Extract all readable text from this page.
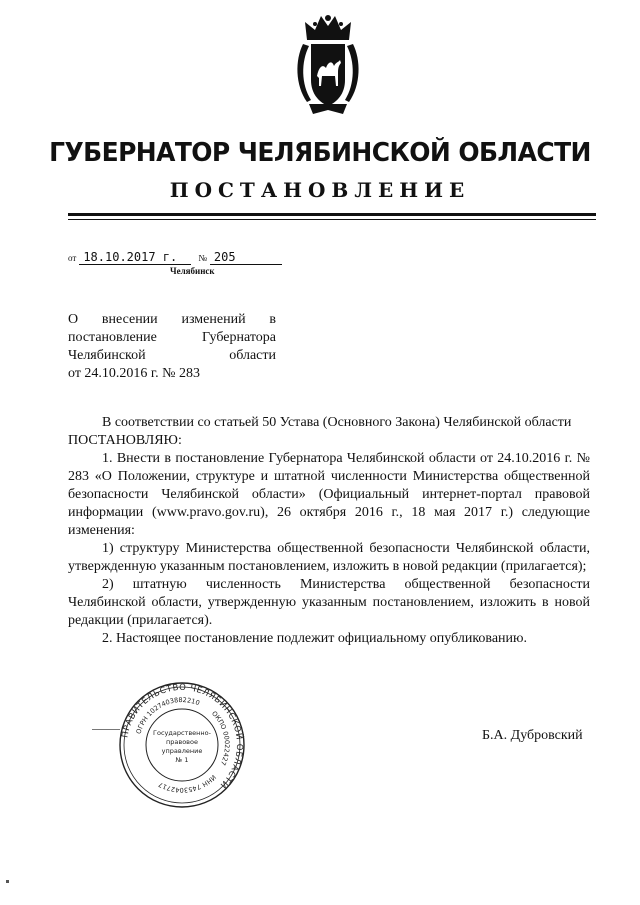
ГУБЕРНАТОР ЧЕЛЯБИНСКОЙ ОБЛАСТИ
ПОСТАНОВЛЕНИЕ
от 18.10.2017 г. № 205
Челябинск
О внесении изменений в
постановление Губернатора
Челябинской области
от 24.10.2016 г. № 283

В соответствии со статьей 50 Устава (Основного Закона) Челябинской области

ПОСТАНОВЛЯЮ:

1. Внести в постановление Губернатора Челябинской области от 24.10.2016 г. № 283 «О Положении, структуре и штатной численности Министерства общественной безопасности Челябинской области» (Официальный интернет-портал правовой информации (www.pravo.gov.ru), 26 октября 2016 г., 18 мая 2017 г.) следующие изменения:

1) структуру Министерства общественной безопасности Челябинской области, утвержденную указанным постановлением, изложить в новой редакции (прилагается);

2) штатную численность Министерства общественной безопасности Челябинской области, утвержденную указанным постановлением, изложить в новой редакции (прилагается).

2. Настоящее постановление подлежит официальному опубликованию.

ПРАВИТЕЛЬСТВО ЧЕЛЯБИНСКОЙ ОБЛАСТИ
ОГРН 1027403882210
ОКПО 00022427
ИНН 7453042717
Государственно-
правовое
управление
№ 1
Б.А. Дубровский
